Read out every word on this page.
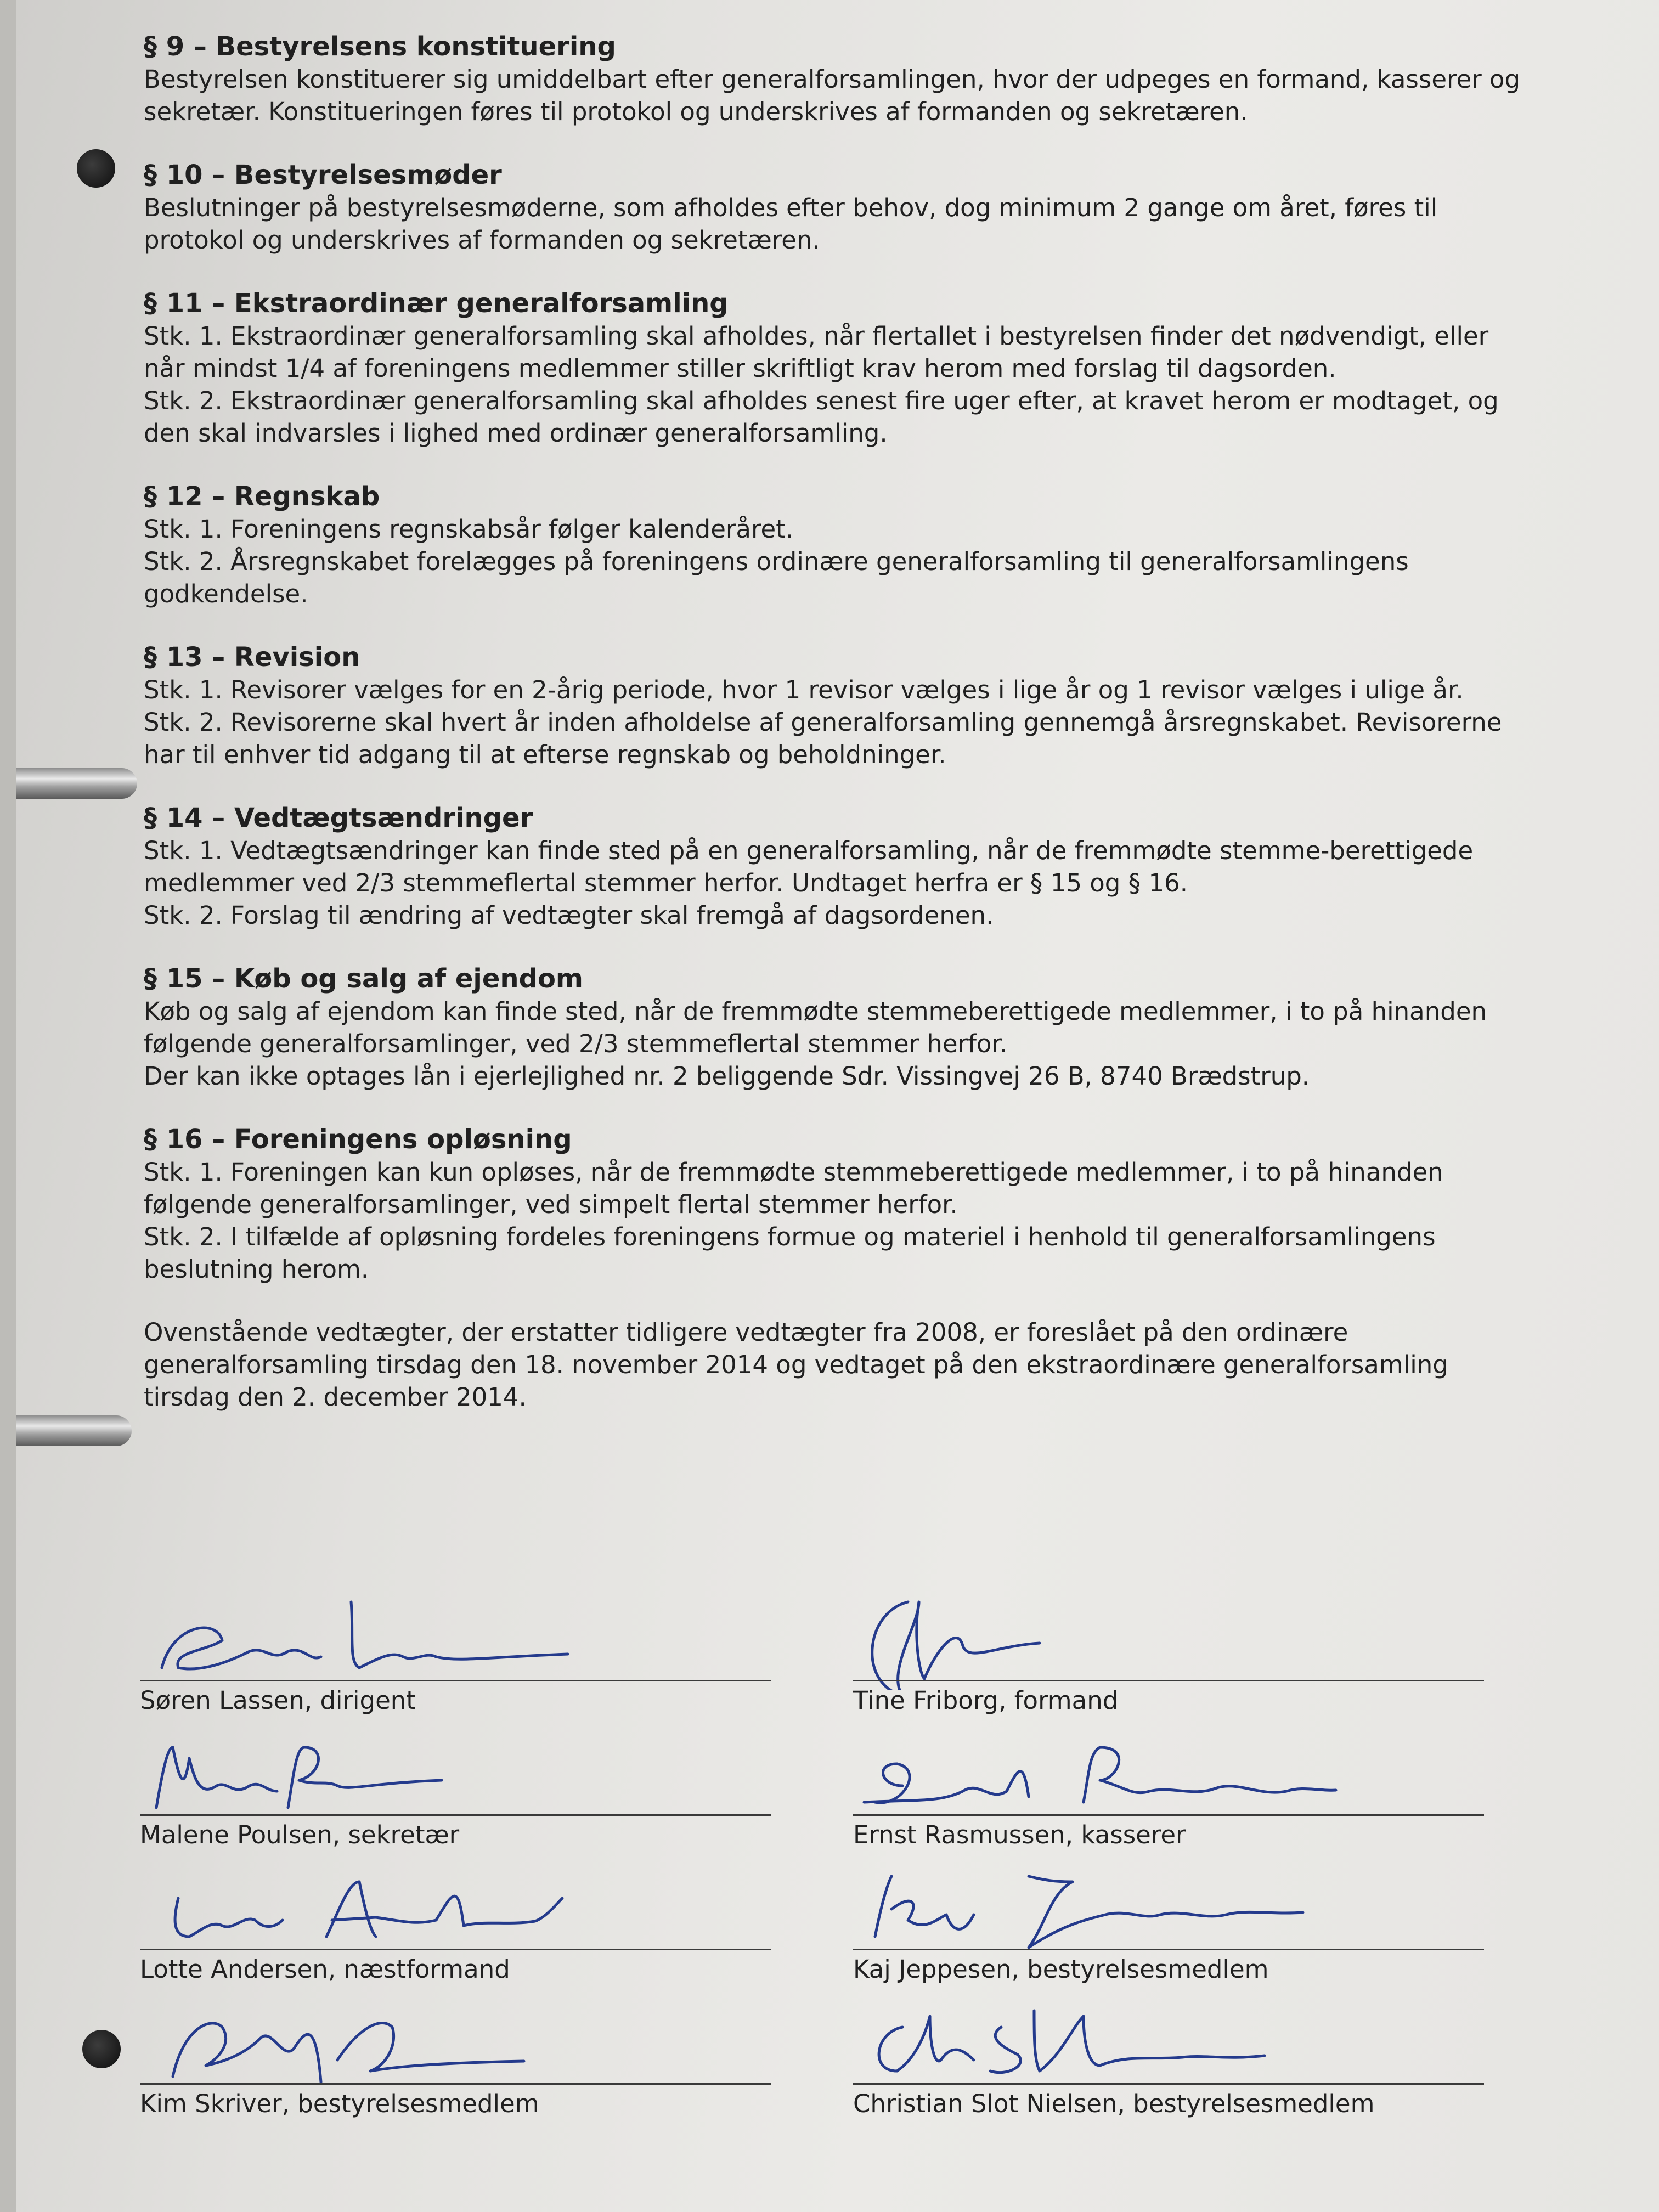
§ 9 – Bestyrelsens konstituering

Bestyrelsen konstituerer sig umiddelbart efter generalforsamlingen, hvor der udpeges en formand, kasserer og sekretær. Konstitueringen føres til protokol og underskrives af formanden og sekretæren.

§ 10 – Bestyrelsesmøder

Beslutninger på bestyrelsesmøderne, som afholdes efter behov, dog minimum 2 gange om året, føres til protokol og underskrives af formanden og sekretæren.

§ 11 – Ekstraordinær generalforsamling

Stk. 1. Ekstraordinær generalforsamling skal afholdes, når flertallet i bestyrelsen finder det nødvendigt, eller når mindst 1/4 af foreningens medlemmer stiller skriftligt krav herom med forslag til dagsorden.

Stk. 2. Ekstraordinær generalforsamling skal afholdes senest fire uger efter, at kravet herom er modtaget, og den skal indvarsles i lighed med ordinær generalforsamling.

§ 12 – Regnskab

Stk. 1. Foreningens regnskabsår følger kalenderåret.

Stk. 2. Årsregnskabet forelægges på foreningens ordinære generalforsamling til generalforsamlingens godkendelse.

§ 13 – Revision

Stk. 1. Revisorer vælges for en 2-årig periode, hvor 1 revisor vælges i lige år og 1 revisor vælges i ulige år.

Stk. 2. Revisorerne skal hvert år inden afholdelse af generalforsamling gennemgå årsregnskabet. Revisorerne har til enhver tid adgang til at efterse regnskab og beholdninger.

§ 14 – Vedtægtsændringer

Stk. 1. Vedtægtsændringer kan finde sted på en generalforsamling, når de fremmødte stemme-berettigede medlemmer ved 2/3 stemmeflertal stemmer herfor. Undtaget herfra er § 15 og § 16.

Stk. 2. Forslag til ændring af vedtægter skal fremgå af dagsordenen.

§ 15 – Køb og salg af ejendom

Køb og salg af ejendom kan finde sted, når de fremmødte stemmeberettigede medlemmer, i to på hinanden følgende generalforsamlinger, ved 2/3 stemmeflertal stemmer herfor.

Der kan ikke optages lån i ejerlejlighed nr. 2 beliggende Sdr. Vissingvej 26 B, 8740 Brædstrup.

§ 16 – Foreningens opløsning

Stk. 1. Foreningen kan kun opløses, når de fremmødte stemmeberettigede medlemmer, i to på hinanden følgende generalforsamlinger, ved simpelt flertal stemmer herfor.

Stk. 2. I tilfælde af opløsning fordeles foreningens formue og materiel i henhold til generalforsamlingens beslutning herom.

Ovenstående vedtægter, der erstatter tidligere vedtægter fra 2008, er foreslået på den ordinære generalforsamling tirsdag den 18. november 2014 og vedtaget på den ekstraordinære generalforsamling tirsdag den 2. december 2014.

Søren Lassen, dirigent	Tine Friborg, formand
Malene Poulsen, sekretær	Ernst Rasmussen, kasserer
Lotte Andersen, næstformand	Kaj Jeppesen, bestyrelsesmedlem
Kim Skriver, bestyrelsesmedlem	Christian Slot Nielsen, bestyrelsesmedlem
